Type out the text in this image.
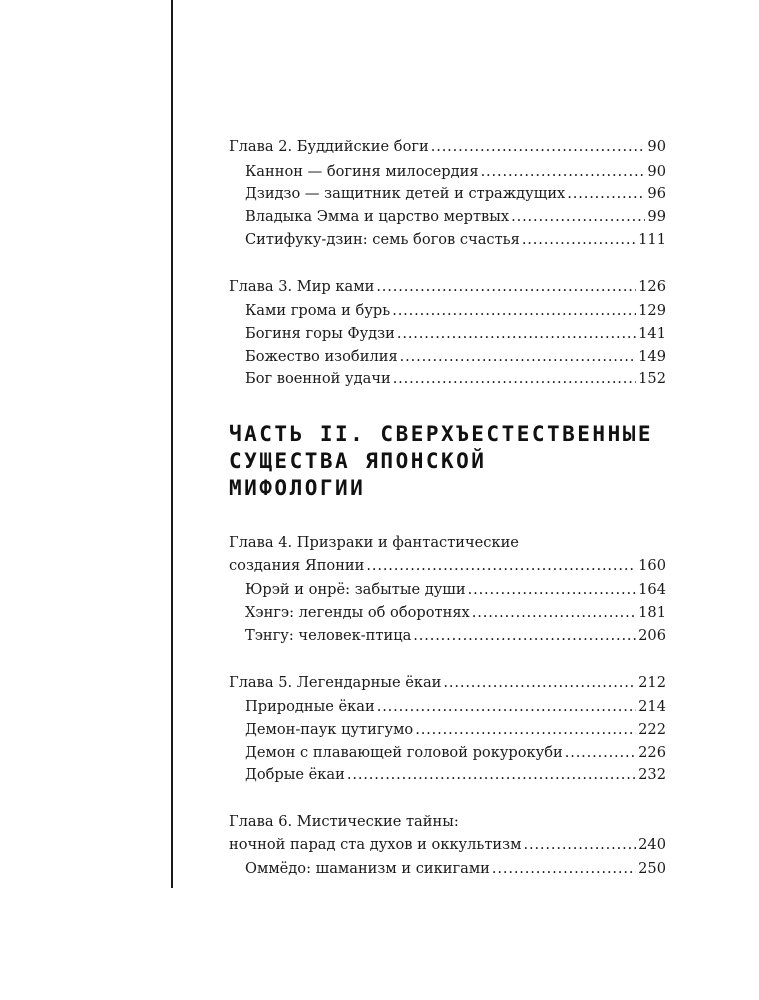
Глава 2. Буддийские боги . . .	90
Каннон — богиня милосердия . . .	90
Дзидзо — защитник детей и страждущих . . .	96
Владыка Эмма и царство мертвых . . .	99
Ситифуку-дзин: семь богов счастья . . .	111
Глава 3. Мир ками . . .	126
Ками грома и бурь . . .	129
Богиня горы Фудзи . . .	141
Божество изобилия . . .	149
Бог военной удачи . . .	152
ЧАСТЬ II. СВЕРХЪЕСТЕСТВЕННЫЕ
СУЩЕСТВА ЯПОНСКОЙ
МИФОЛОГИИ
Глава 4. Призраки и фантастические
создания Японии . . .	160
Юрэй и онрё: забытые души . . .	164
Хэнгэ: легенды об оборотнях . . .	181
Тэнгу: человек-птица . . .	206
Глава 5. Легендарные ёкаи . . .	212
Природные ёкаи . . .	214
Демон-паук цутигумо . . .	222
Демон с плавающей головой рокурокуби . . .	226
Добрые ёкаи . . .	232
Глава 6. Мистические тайны:
ночной парад ста духов и оккультизм . . .	240
Оммёдо: шаманизм и сикигами . . .	250
